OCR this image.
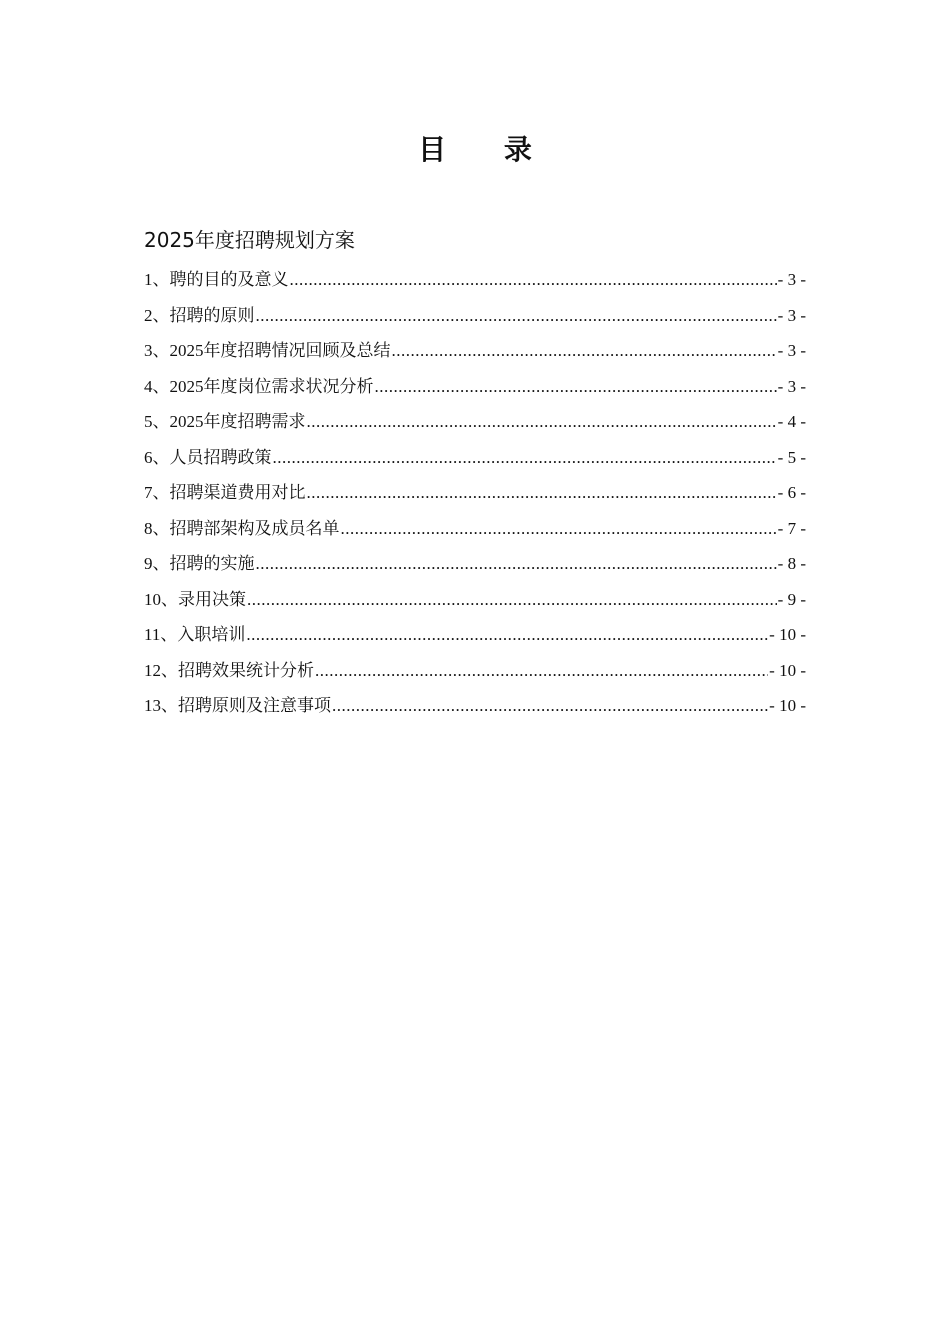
目 录
2025年度招聘规划方案
1、聘的目的及意义 .....	- 3 -
2、招聘的原则 .....	- 3 -
3、2025年度招聘情况回顾及总结 .....	- 3 -
4、2025年度岗位需求状况分析 .....	- 3 -
5、2025年度招聘需求 .....	- 4 -
6、人员招聘政策 .....	- 5 -
7、招聘渠道费用对比 .....	- 6 -
8、招聘部架构及成员名单 .....	- 7 -
9、招聘的实施 .....	- 8 -
10、录用决策 .....	- 9 -
11、入职培训 .....	- 10 -
12、招聘效果统计分析 .....	- 10 -
13、招聘原则及注意事项 .....	- 10 -
